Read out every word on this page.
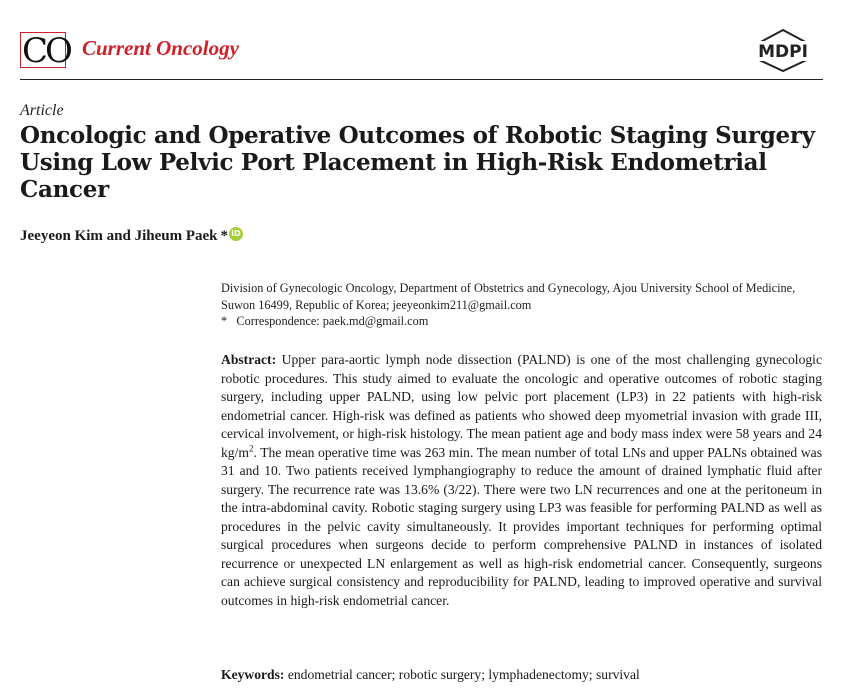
CO Current Oncology	MDPI
Article
Oncologic and Operative Outcomes of Robotic Staging Surgery Using Low Pelvic Port Placement in High-Risk Endometrial Cancer
Jeeyeon Kim and Jiheum Paek * iD

Division of Gynecologic Oncology, Department of Obstetrics and Gynecology, Ajou University School of Medicine, Suwon 16499, Republic of Korea; jeeyeonkim211@gmail.com

*   Correspondence: paek.md@gmail.com

Abstract: Upper para-aortic lymph node dissection (PALND) is one of the most challenging gynecologic robotic procedures. This study aimed to evaluate the oncologic and operative outcomes of robotic staging surgery, including upper PALND, using low pelvic port placement (LP3) in 22 patients with high-risk endometrial cancer. High-risk was defined as patients who showed deep myometrial invasion with grade III, cervical involvement, or high-risk histology. The mean patient age and body mass index were 58 years and 24 $kg/m^2$. The mean operative time was 263 min. The mean number of total LNs and upper PALNs obtained was 31 and 10. Two patients received lymphangiography to reduce the amount of drained lymphatic fluid after surgery. The recurrence rate was 13.6% (3/22). There were two LN recurrences and one at the peritoneum in the intra-abdominal cavity. Robotic staging surgery using LP3 was feasible for performing PALND as well as procedures in the pelvic cavity simultaneously. It provides important techniques for performing optimal surgical procedures when surgeons decide to perform comprehensive PALND in instances of isolated recurrence or unexpected LN enlargement as well as high-risk endometrial cancer. Consequently, surgeons can achieve surgical consistency and reproducibility for PALND, leading to improved operative and survival outcomes in high-risk endometrial cancer.

Keywords: endometrial cancer; robotic surgery; lymphadenectomy; survival
